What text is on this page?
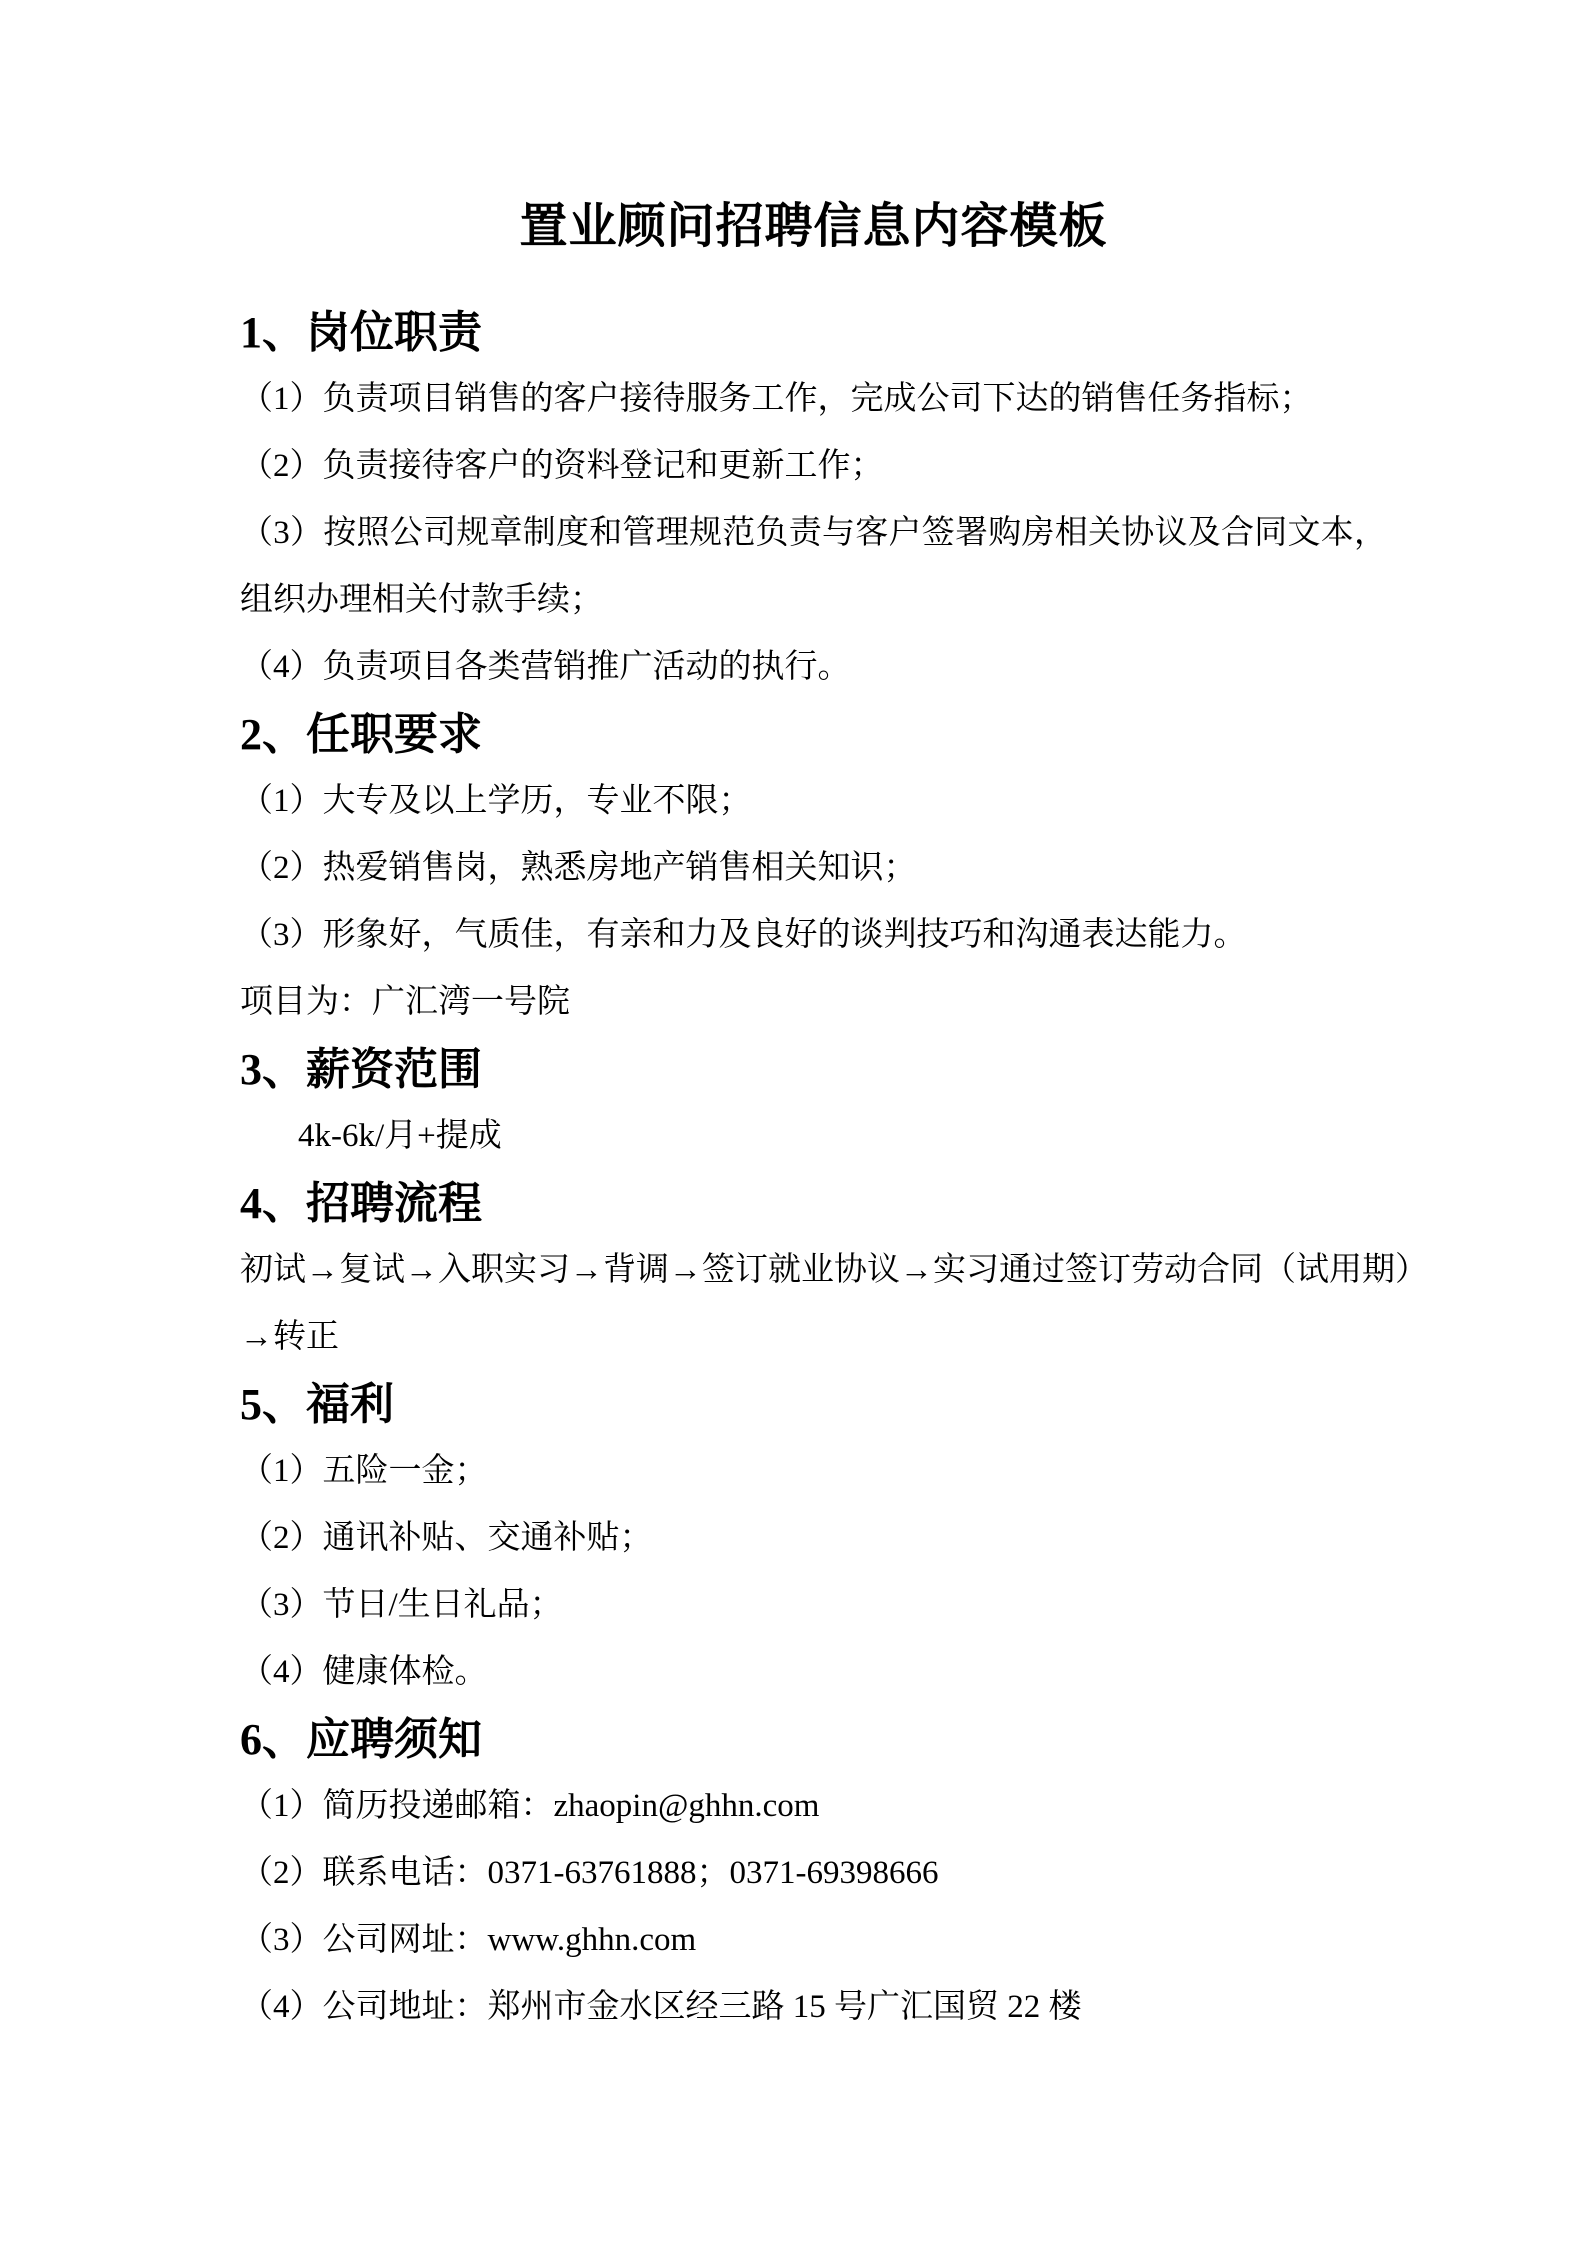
置业顾问招聘信息内容模板
1、岗位职责

（1）负责项目销售的客户接待服务工作，完成公司下达的销售任务指标；

（2）负责接待客户的资料登记和更新工作；

（3）按照公司规章制度和管理规范负责与客户签署购房相关协议及合同文本，组织办理相关付款手续；

（4）负责项目各类营销推广活动的执行。

2、任职要求

（1）大专及以上学历，专业不限；

（2）热爱销售岗，熟悉房地产销售相关知识；

（3）形象好，气质佳，有亲和力及良好的谈判技巧和沟通表达能力。

项目为：广汇湾一号院

3、薪资范围

4k-6k/月+提成

4、招聘流程

初试→复试→入职实习→背调→签订就业协议→实习通过签订劳动合同（试用期）

→转正

5、福利

（1）五险一金；

（2）通讯补贴、交通补贴；

（3）节日/生日礼品；

（4）健康体检。

6、应聘须知

（1）简历投递邮箱：zhaopin@ghhn.com

（2）联系电话：0371-63761888；0371-69398666

（3）公司网址：www.ghhn.com

（4）公司地址：郑州市金水区经三路 15 号广汇国贸 22 楼
